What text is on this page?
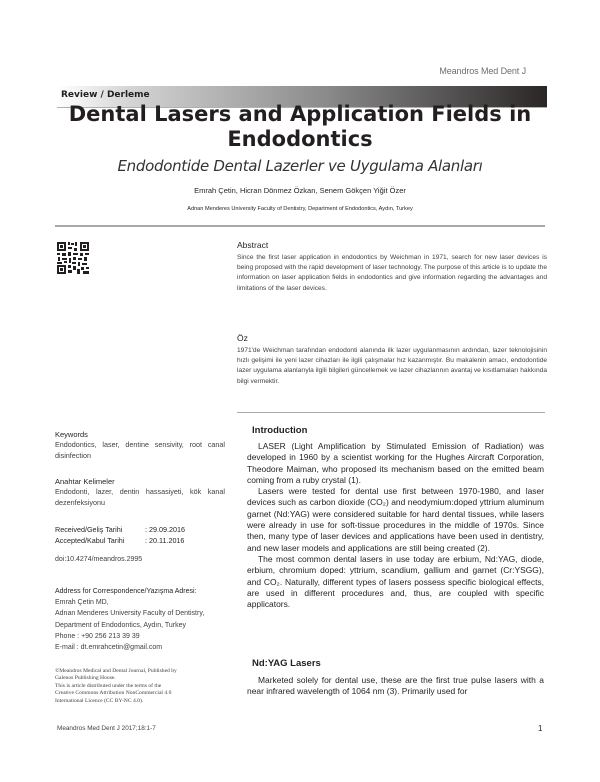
Meandros Med Dent J
Review / Derleme
Dental Lasers and Application Fields in Endodontics
Endodontide Dental Lazerler ve Uygulama Alanları
Emrah Çetin, Hicran Dönmez Özkan, Senem Gökçen Yiğit Özer
Adnan Menderes University Faculty of Dentistry, Department of Endodontics, Aydın, Turkey
Abstract
Since the first laser application in endodontics by Weichman in 1971, search for new laser devices is being proposed with the rapid development of laser technology. The purpose of this article is to update the information on laser application fields in endodontics and give information regarding the advantages and limitations of the laser devices.
Öz
1971'de Weichman tarafından endodonti alanında ilk lazer uygulanmasının ardından, lazer teknolojisinin hızlı gelişimi ile yeni lazer cihazları ile ilgili çalışmalar hız kazanmıştır. Bu makalenin amacı, endodontide lazer uygulama alanlarıyla ilgili bilgileri güncellemek ve lazer cihazlarının avantaj ve kısıtlamaları hakkında bilgi vermektir.
Keywords
Endodontics, laser, dentine sensivity, root canal disinfection
Anahtar Kelimeler
Endodonti, lazer, dentin hassasiyeti, kök kanal dezenfeksiyonu
Received/Geliş Tarihi	: 29.09.2016
Accepted/Kabul Tarihi	: 20.11.2016
doi:10.4274/meandros.2995
Address for Correspondence/Yazışma Adresi:
Emrah Çetin MD,
Adnan Menderes University Faculty of Dentistry,
Department of Endodontics, Aydın, Turkey
Phone : +90 256 213 39 39
E-mail : dt.emrahcetin@gmail.com
©Meandros Medical and Dental Journal, Published by
Galenos Publishing House.
This is article distributed under the terms of the
Creative Commons Attribution NonCommercial 4.0
International Licence (CC BY-NC 4.0).
Introduction

LASER (Light Amplification by Stimulated Emission of Radiation) was developed in 1960 by a scientist working for the Hughes Aircraft Corporation, Theodore Maiman, who proposed its mechanism based on the emitted beam coming from a ruby crystal (1).

Lasers were tested for dental use first between 1970-1980, and laser devices such as carbon dioxide (CO₂) and neodymium:doped yttrium aluminum garnet (Nd:YAG) were considered suitable for hard dental tissues, while lasers were already in use for soft-tissue procedures in the middle of 1970s. Since then, many type of laser devices and applications have been used in dentistry, and new laser models and applications are still being created (2).

The most common dental lasers in use today are erbium, Nd:YAG, diode, erbium, chromium doped: yttrium, scandium, gallium and garnet (Cr:YSGG), and CO₂. Naturally, different types of lasers possess specific biological effects, are used in different procedures and, thus, are coupled with specific applicators.

Nd:YAG Lasers

Marketed solely for dental use, these are the first true pulse lasers with a near infrared wavelength of 1064 nm (3). Primarily used for

Meandros Med Dent J 2017;18:1-7	1
